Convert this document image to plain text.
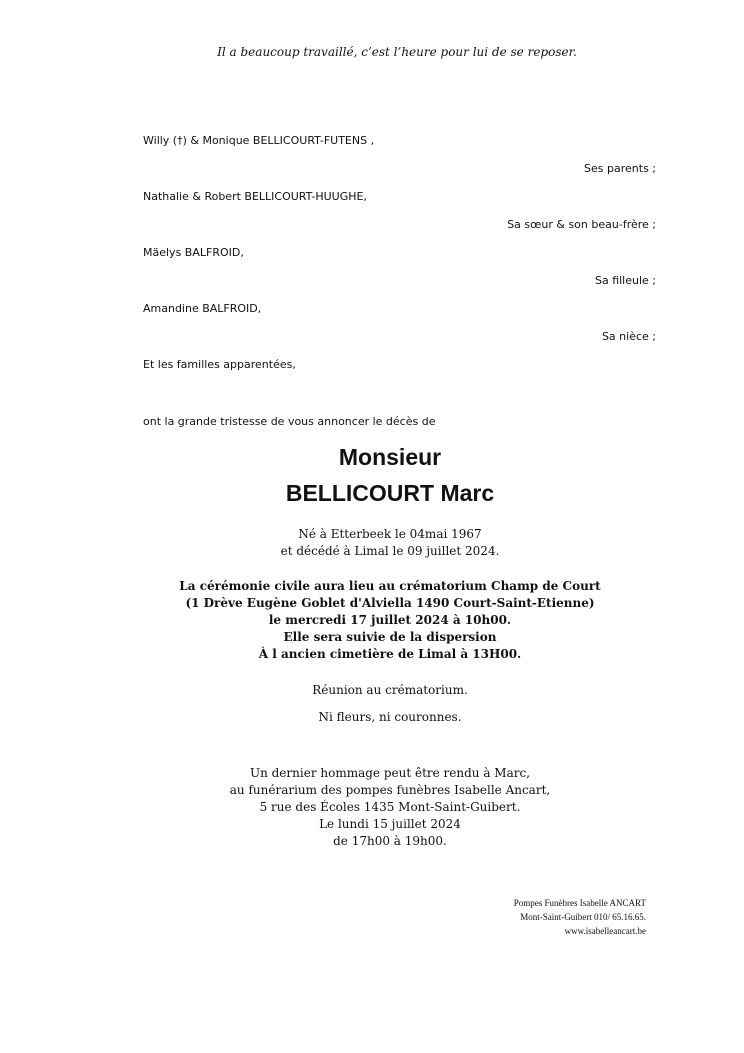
Il a beaucoup travaillé, c’est l’heure pour lui de se reposer.
Willy (†) & Monique BELLICOURT-FUTENS ,
Ses parents ;
Nathalie & Robert BELLICOURT-HUUGHE,
Sa sœur & son beau-frère ;
Mäelys BALFROID,
Sa filleule ;
Amandine BALFROID,
Sa nièce ;
Et les familles apparentées,
ont la grande tristesse de vous annoncer le décès de
Monsieur
BELLICOURT Marc
Né à Etterbeek le 04mai 1967
et décédé à Limal le 09 juillet 2024.
La cérémonie civile aura lieu au crématorium Champ de Court
(1 Drève Eugène Goblet d'Alviella 1490 Court-Saint-Etienne)
le mercredi 17 juillet 2024 à 10h00.
Elle sera suivie de la dispersion
À l ancien cimetière de Limal à 13H00.
Réunion au crématorium.
Ni fleurs, ni couronnes.
Un dernier hommage peut être rendu à Marc,
au funérarium des pompes funèbres Isabelle Ancart,
5 rue des Écoles 1435 Mont-Saint-Guibert.
Le lundi 15 juillet 2024
de 17h00 à 19h00.
Pompes Funèbres Isabelle ANCART
Mont-Saint-Guibert 010/ 65.16.65.
www.isabelleancart.be
